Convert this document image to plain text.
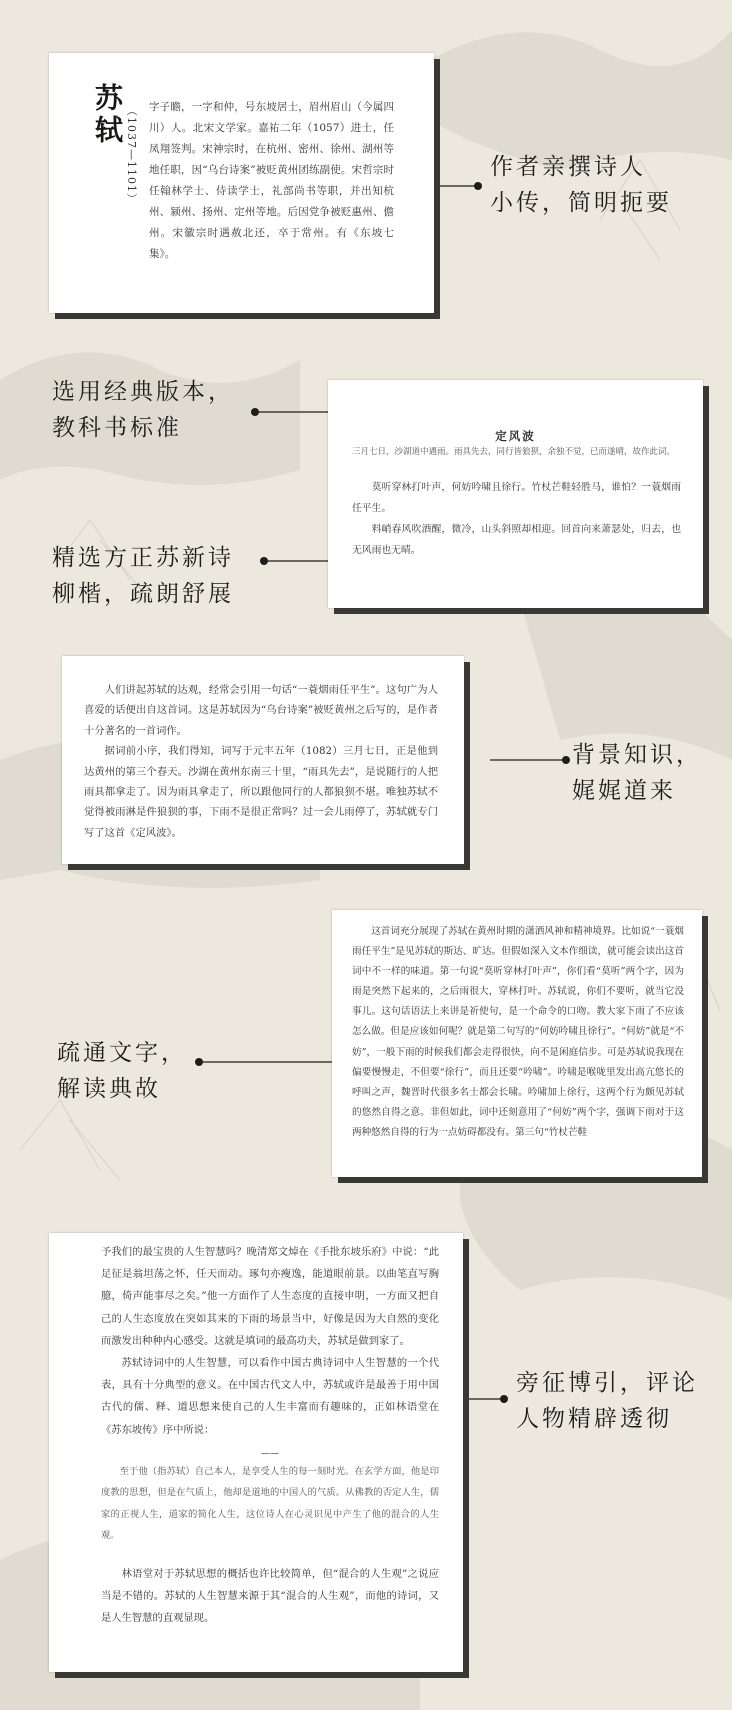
苏轼 （1037—1101） 字子瞻，一字和仲，号东坡居士，眉州眉山（今属四川）人。北宋文学家。嘉祐二年（1057）进士，任凤翔签判。宋神宗时，在杭州、密州、徐州、湖州等地任职，因“乌台诗案”被贬黄州团练副使。宋哲宗时任翰林学士、侍读学士，礼部尚书等职，并出知杭州、颍州、扬州、定州等地。后因党争被贬惠州、儋州。宋徽宗时遇赦北还，卒于常州。有《东坡七集》。

作者亲撰诗人
小传，简明扼要
选用经典版本，
教科书标准	定风波

三月七日，沙湖道中遇雨。雨具先去，同行皆狼狈，余独不觉，已而遂晴，故作此词。

莫听穿林打叶声，何妨吟啸且徐行。竹杖芒鞋轻胜马，谁怕？一蓑烟雨任平生。

料峭春风吹酒醒，微冷，山头斜照却相迎。回首向来萧瑟处，归去，也无风雨也无晴。

精选方正苏新诗
柳楷，疏朗舒展

人们讲起苏轼的达观，经常会引用一句话“一蓑烟雨任平生”。这句广为人喜爱的话便出自这首词。这是苏轼因为“乌台诗案”被贬黄州之后写的，是作者十分著名的一首词作。

据词前小序，我们得知，词写于元丰五年（1082）三月七日，正是他到达黄州的第三个春天。沙湖在黄州东南三十里，“雨具先去”，是说随行的人把雨具都拿走了。因为雨具拿走了，所以跟他同行的人都狼狈不堪。唯独苏轼不觉得被雨淋是件狼狈的事，下雨不是很正常吗？过一会儿雨停了，苏轼就专门写了这首《定风波》。

背景知识，
娓娓道来

这首词充分展现了苏轼在黄州时期的潇洒风神和精神境界。比如说“一蓑烟雨任平生”是见苏轼的斯达、旷达。但假如深入文本作细读，就可能会读出这首词中不一样的味道。第一句说“莫听穿林打叶声”，你们看“莫听”两个字，因为雨是突然下起来的，之后雨很大，穿林打叶。苏轼说，你们不要听，就当它没事儿。这句话语法上来讲是祈使句，是一个命令的口吻。教大家下雨了不应该怎么做。但是应该如何呢？就是第二句写的“何妨吟啸且徐行”。“何妨”就是“不妨”，一般下雨的时候我们都会走得很快，向不是闲庭信步。可是苏轼说我现在偏要慢慢走，不但要“徐行”，而且还要“吟啸”。吟啸是喉咙里发出高亢悠长的呼叫之声，魏晋时代很多名士都会长啸。吟啸加上徐行，这两个行为颇见苏轼的悠然自得之意。非但如此，词中还刻意用了“何妨”两个字，强调下雨对于这两种悠然自得的行为一点妨碍都没有。第三句“竹杖芒鞋

疏通文字，
解读典故

予我们的最宝贵的人生智慧吗？晚清郑文焯在《手批东坡乐府》中说：“此足征是翁坦荡之怀，任天而动。琢句亦瘦逸，能道眼前景。以曲笔直写胸臆，倚声能事尽之矣。”他一方面作了人生态度的直接申明，一方面又把自己的人生态度放在突如其来的下雨的场景当中，好像是因为大自然的变化而激发出种种内心感受。这就是填词的最高功夫，苏轼是做到家了。

苏轼诗词中的人生智慧，可以看作中国古典诗词中人生智慧的一个代表，具有十分典型的意义。在中国古代文人中，苏轼或许是最善于用中国古代的儒、释、道思想来使自己的人生丰富而有趣味的，正如林语堂在《苏东坡传》序中所说：

——

至于他（指苏轼）自己本人，是享受人生的每一刻时光。在玄学方面，他是印度教的思想，但是在气质上，他却是道地的中国人的气质。从佛教的否定人生，儒家的正视人生，道家的简化人生，这位诗人在心灵识见中产生了他的混合的人生观。

林语堂对于苏轼思想的概括也许比较简单，但“混合的人生观”之说应当是不错的。苏轼的人生智慧来源于其“混合的人生观”，而他的诗词，又是人生智慧的直观显现。

旁征博引，评论
人物精辟透彻
